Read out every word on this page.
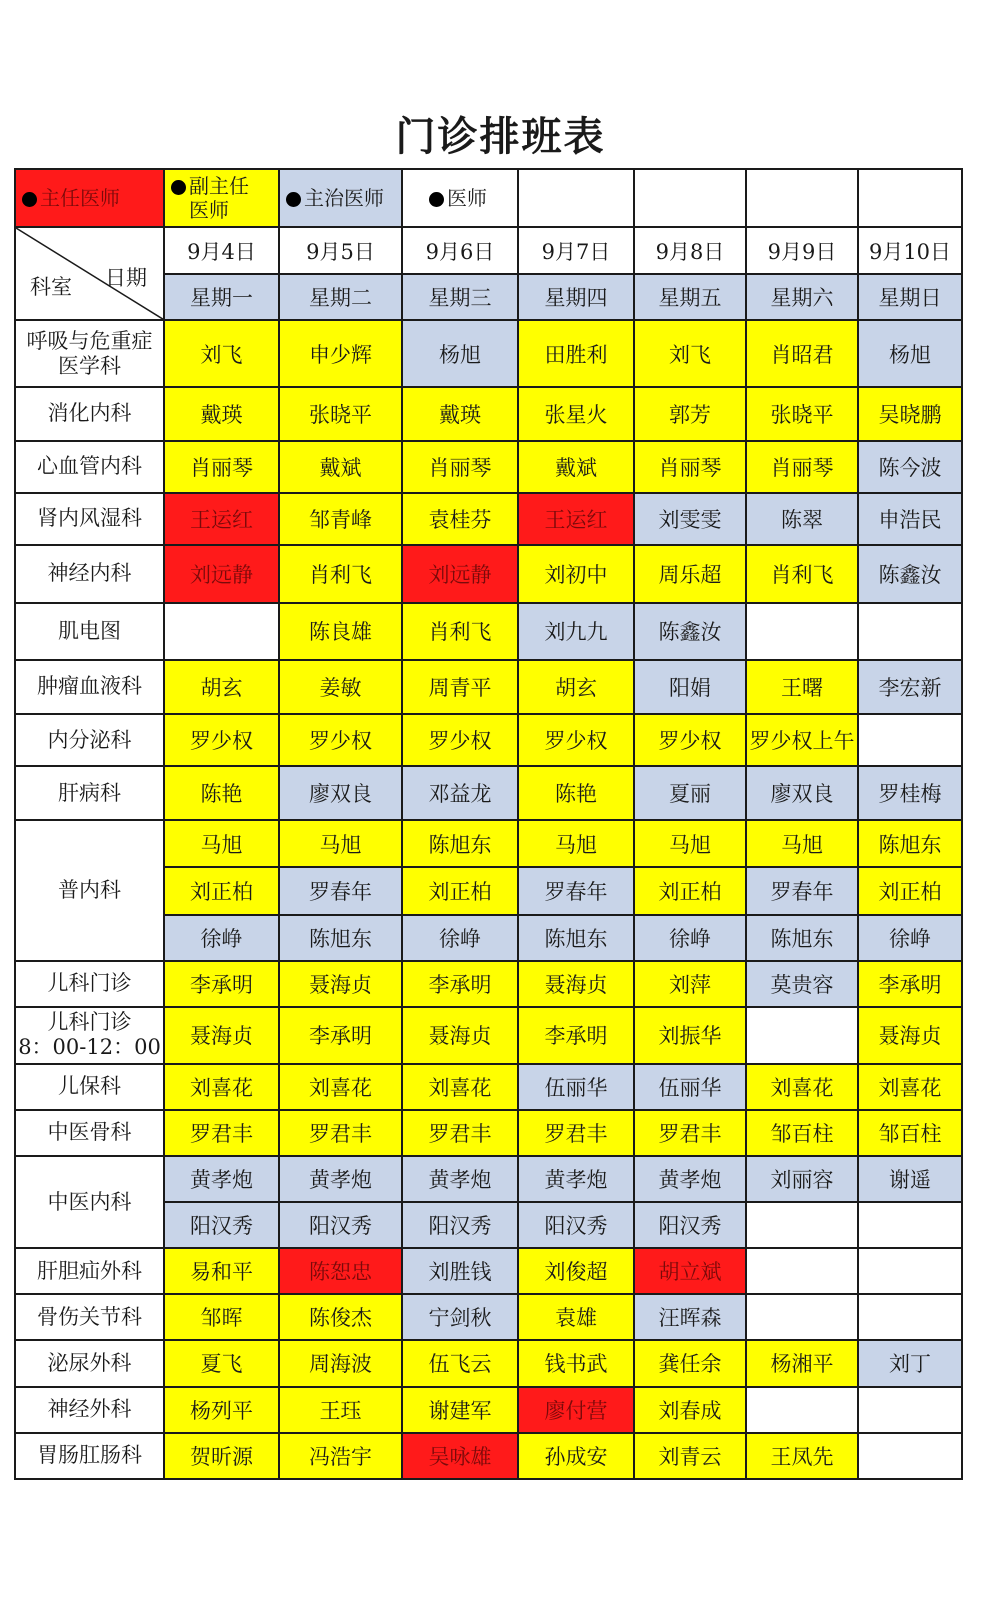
门诊排班表
主任医师	副主任
医师	主治医师	医师				

科室 日期	9月4日	9月5日	9月6日	9月7日	9月8日	9月9日	9月10日
	星期一	星期二	星期三	星期四	星期五	星期六	星期日

呼吸与危重症
医学科	刘飞	申少辉	杨旭	田胜利	刘飞	肖昭君	杨旭

消化内科	戴瑛	张晓平	戴瑛	张星火	郭芳	张晓平	吴晓鹏

心血管内科	肖丽琴	戴斌	肖丽琴	戴斌	肖丽琴	肖丽琴	陈今波

肾内风湿科	王运红	邹青峰	袁桂芬	王运红	刘雯雯	陈翠	申浩民

神经内科	刘远静	肖利飞	刘远静	刘初中	周乐超	肖利飞	陈鑫汝

肌电图		陈良雄	肖利飞	刘九九	陈鑫汝		

肿瘤血液科	胡玄	姜敏	周青平	胡玄	阳娟	王曙	李宏新

内分泌科	罗少权	罗少权	罗少权	罗少权	罗少权	罗少权上午	

肝病科	陈艳	廖双良	邓益龙	陈艳	夏丽	廖双良	罗桂梅

普内科	马旭	马旭	陈旭东	马旭	马旭	马旭	陈旭东
	刘正柏	罗春年	刘正柏	罗春年	刘正柏	罗春年	刘正柏
	徐峥	陈旭东	徐峥	陈旭东	徐峥	陈旭东	徐峥

儿科门诊	李承明	聂海贞	李承明	聂海贞	刘萍	莫贵容	李承明

儿科门诊
8：00-12：00	聂海贞	李承明	聂海贞	李承明	刘振华		聂海贞

儿保科	刘喜花	刘喜花	刘喜花	伍丽华	伍丽华	刘喜花	刘喜花

中医骨科	罗君丰	罗君丰	罗君丰	罗君丰	罗君丰	邹百柱	邹百柱

中医内科	黄孝炮	黄孝炮	黄孝炮	黄孝炮	黄孝炮	刘丽容	谢遥
	阳汉秀	阳汉秀	阳汉秀	阳汉秀	阳汉秀		

肝胆疝外科	易和平	陈恕忠	刘胜钱	刘俊超	胡立斌		

骨伤关节科	邹晖	陈俊杰	宁剑秋	袁雄	汪晖森		

泌尿外科	夏飞	周海波	伍飞云	钱书武	龚任余	杨湘平	刘丁

神经外科	杨列平	王珏	谢建军	廖付营	刘春成		

胃肠肛肠科	贺昕源	冯浩宇	吴咏雄	孙成安	刘青云	王凤先	
